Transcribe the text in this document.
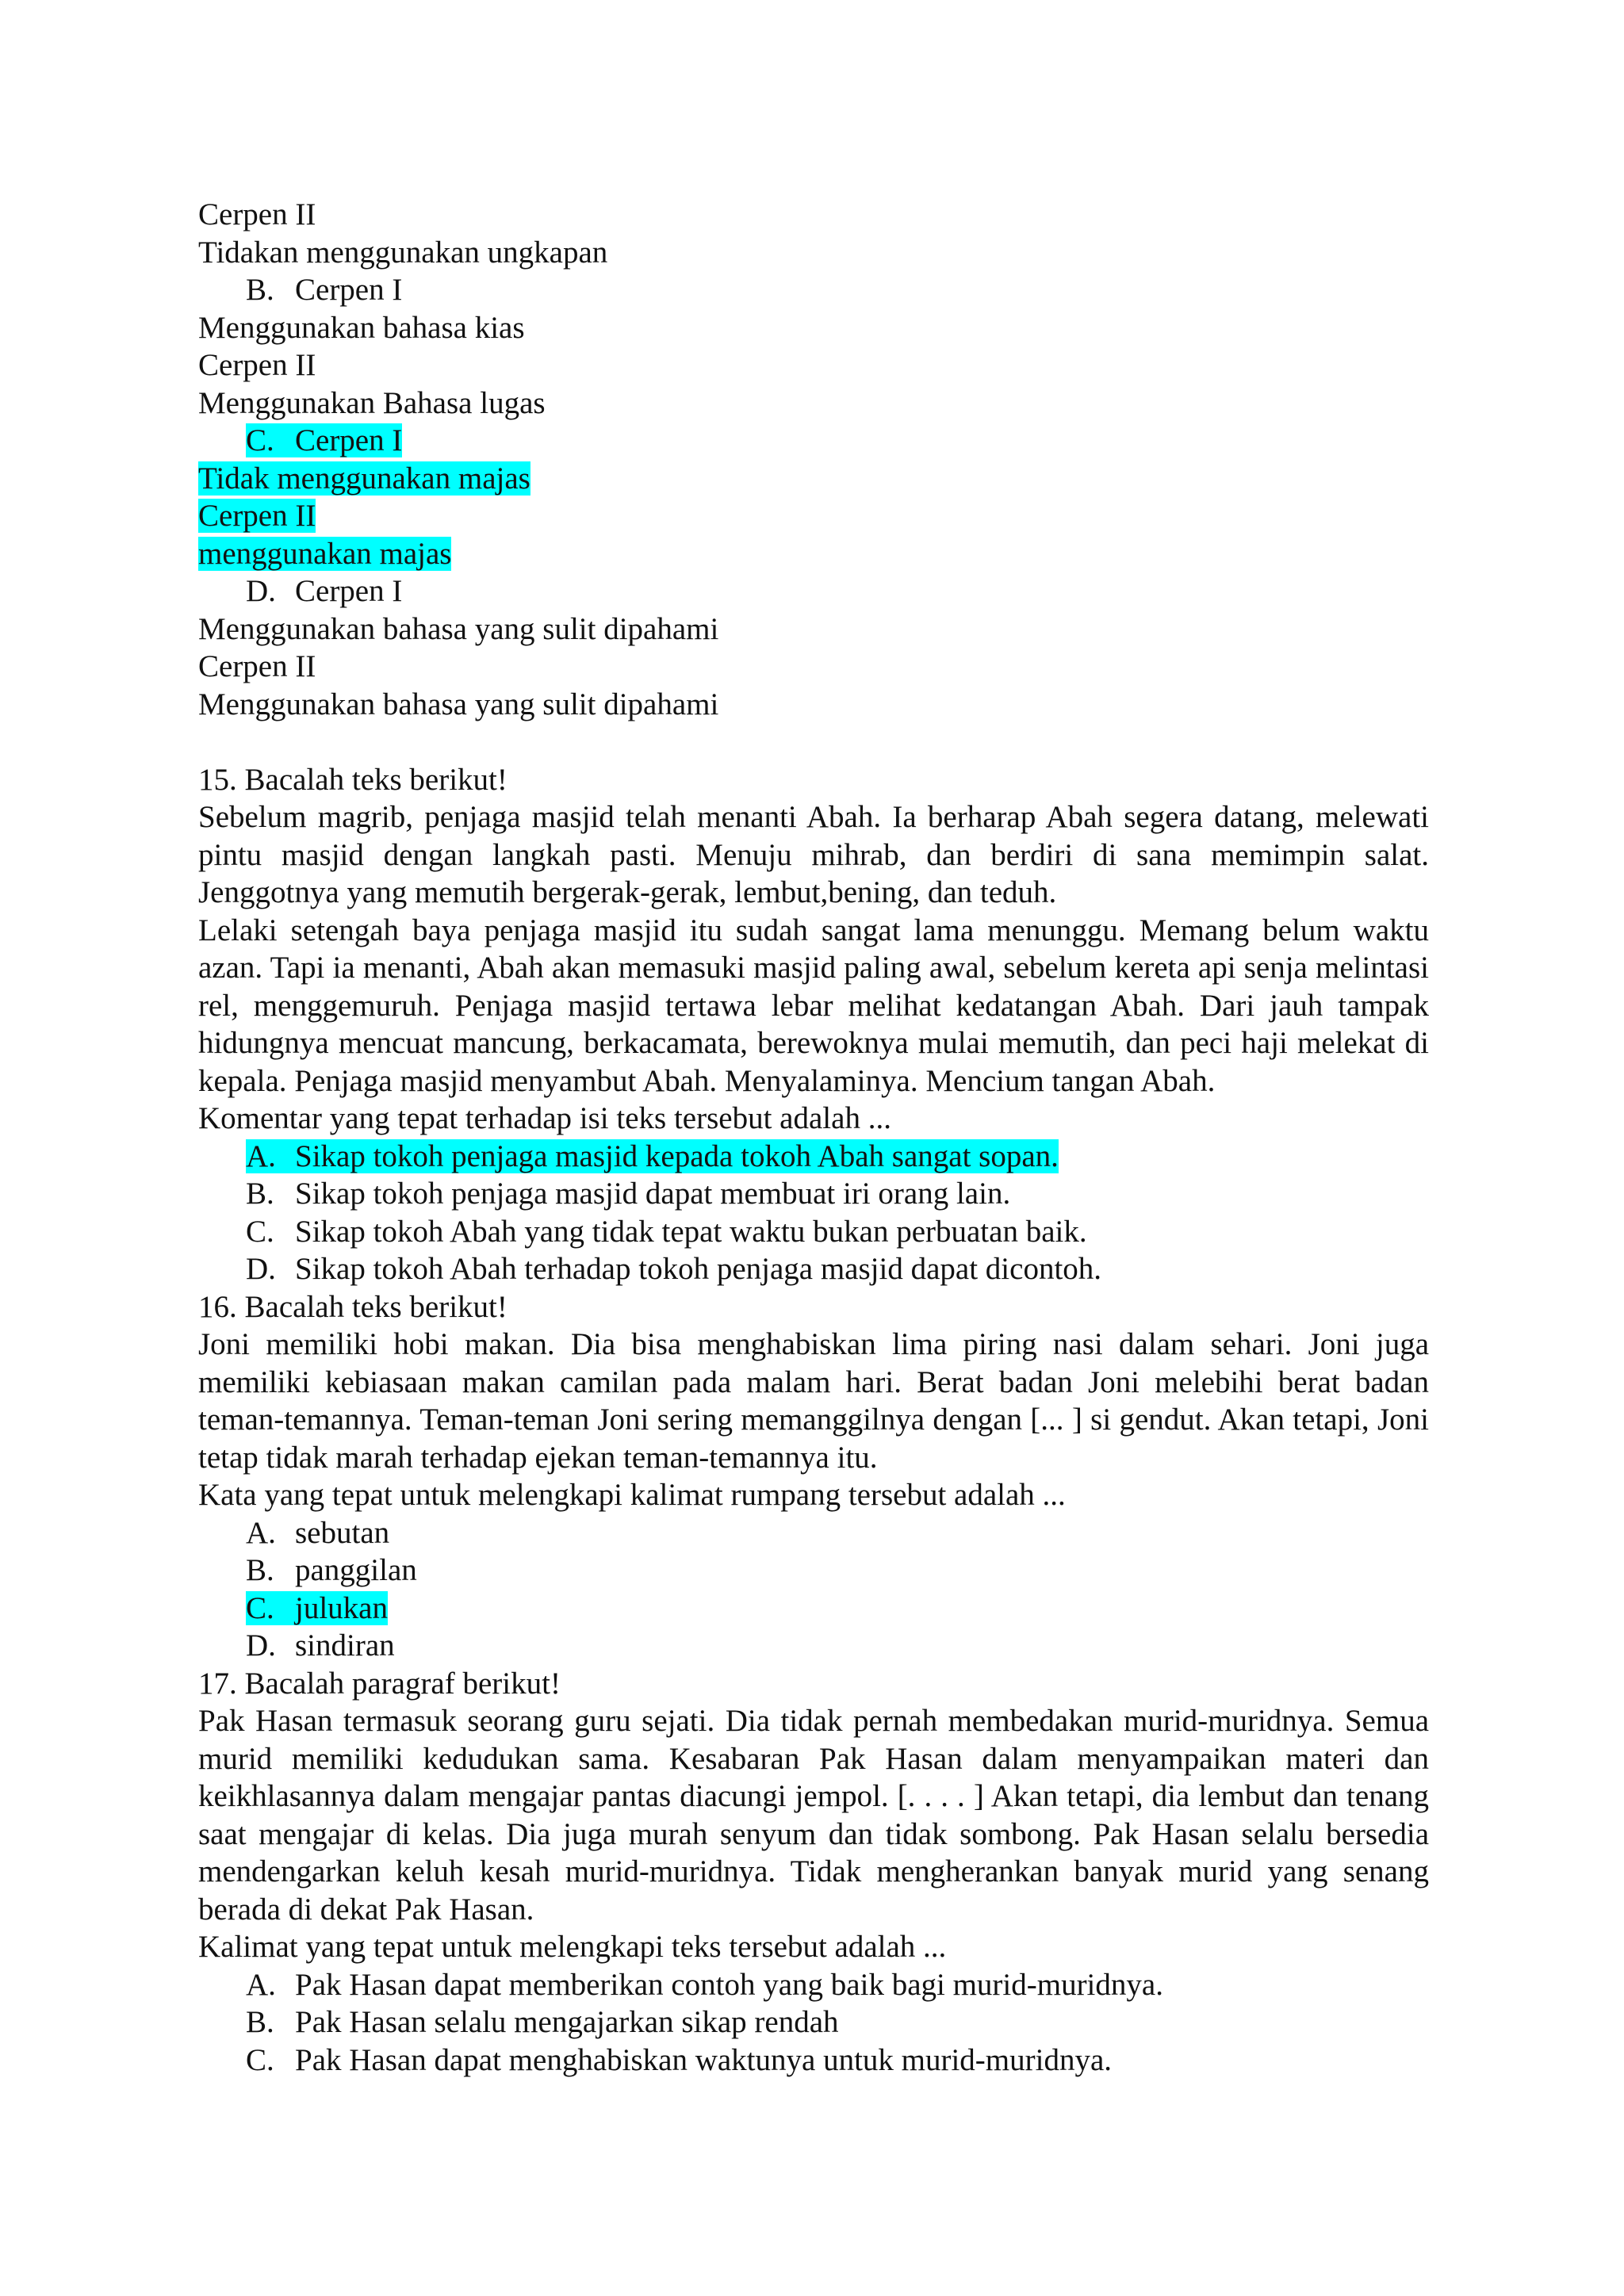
Cerpen II
Tidakan menggunakan ungkapan
B. Cerpen I
Menggunakan bahasa kias
Cerpen II
Menggunakan Bahasa lugas
C. Cerpen I
Tidak menggunakan majas
Cerpen II
menggunakan majas
D. Cerpen I
Menggunakan bahasa yang sulit dipahami
Cerpen II
Menggunakan bahasa yang sulit dipahami
15. Bacalah teks berikut!
Sebelum magrib, penjaga masjid telah menanti Abah. Ia berharap Abah segera datang, melewati pintu masjid dengan langkah pasti. Menuju mihrab, dan berdiri di sana memimpin salat. Jenggotnya yang memutih bergerak-gerak, lembut,bening, dan teduh.
Lelaki setengah baya penjaga masjid itu sudah sangat lama menunggu. Memang belum waktu azan. Tapi ia menanti, Abah akan memasuki masjid paling awal, sebelum kereta api senja melintasi rel, menggemuruh. Penjaga masjid tertawa lebar melihat kedatangan Abah. Dari jauh tampak hidungnya mencuat mancung, berkacamata, berewoknya mulai memutih, dan peci haji melekat di kepala. Penjaga masjid menyambut Abah. Menyalaminya. Mencium tangan Abah.
Komentar yang tepat terhadap isi teks tersebut adalah ...
A. Sikap tokoh penjaga masjid kepada tokoh Abah sangat sopan.
B. Sikap tokoh penjaga masjid dapat membuat iri orang lain.
C. Sikap tokoh Abah yang tidak tepat waktu bukan perbuatan baik.
D. Sikap tokoh Abah terhadap tokoh penjaga masjid dapat dicontoh.
16. Bacalah teks berikut!
Joni memiliki hobi makan. Dia bisa menghabiskan lima piring nasi dalam sehari. Joni juga memiliki kebiasaan makan camilan pada malam hari. Berat badan Joni melebihi berat badan teman-temannya. Teman-teman Joni sering memanggilnya dengan [... ] si gendut. Akan tetapi, Joni tetap tidak marah terhadap ejekan teman-temannya itu.
Kata yang tepat untuk melengkapi kalimat rumpang tersebut adalah ...
A. sebutan
B. panggilan
C. julukan
D. sindiran
17. Bacalah paragraf berikut!
Pak Hasan termasuk seorang guru sejati. Dia tidak pernah membedakan murid-muridnya. Semua murid memiliki kedudukan sama. Kesabaran Pak Hasan dalam menyampaikan materi dan keikhlasannya dalam mengajar pantas diacungi jempol. [. . . . ] Akan tetapi, dia lembut dan tenang saat mengajar di kelas. Dia juga murah senyum dan tidak sombong. Pak Hasan selalu bersedia mendengarkan keluh kesah murid-muridnya. Tidak mengherankan banyak murid yang senang berada di dekat Pak Hasan.
Kalimat yang tepat untuk melengkapi teks tersebut adalah ...
A. Pak Hasan dapat memberikan contoh yang baik bagi murid-muridnya.
B. Pak Hasan selalu mengajarkan sikap rendah
C. Pak Hasan dapat menghabiskan waktunya untuk murid-muridnya.
